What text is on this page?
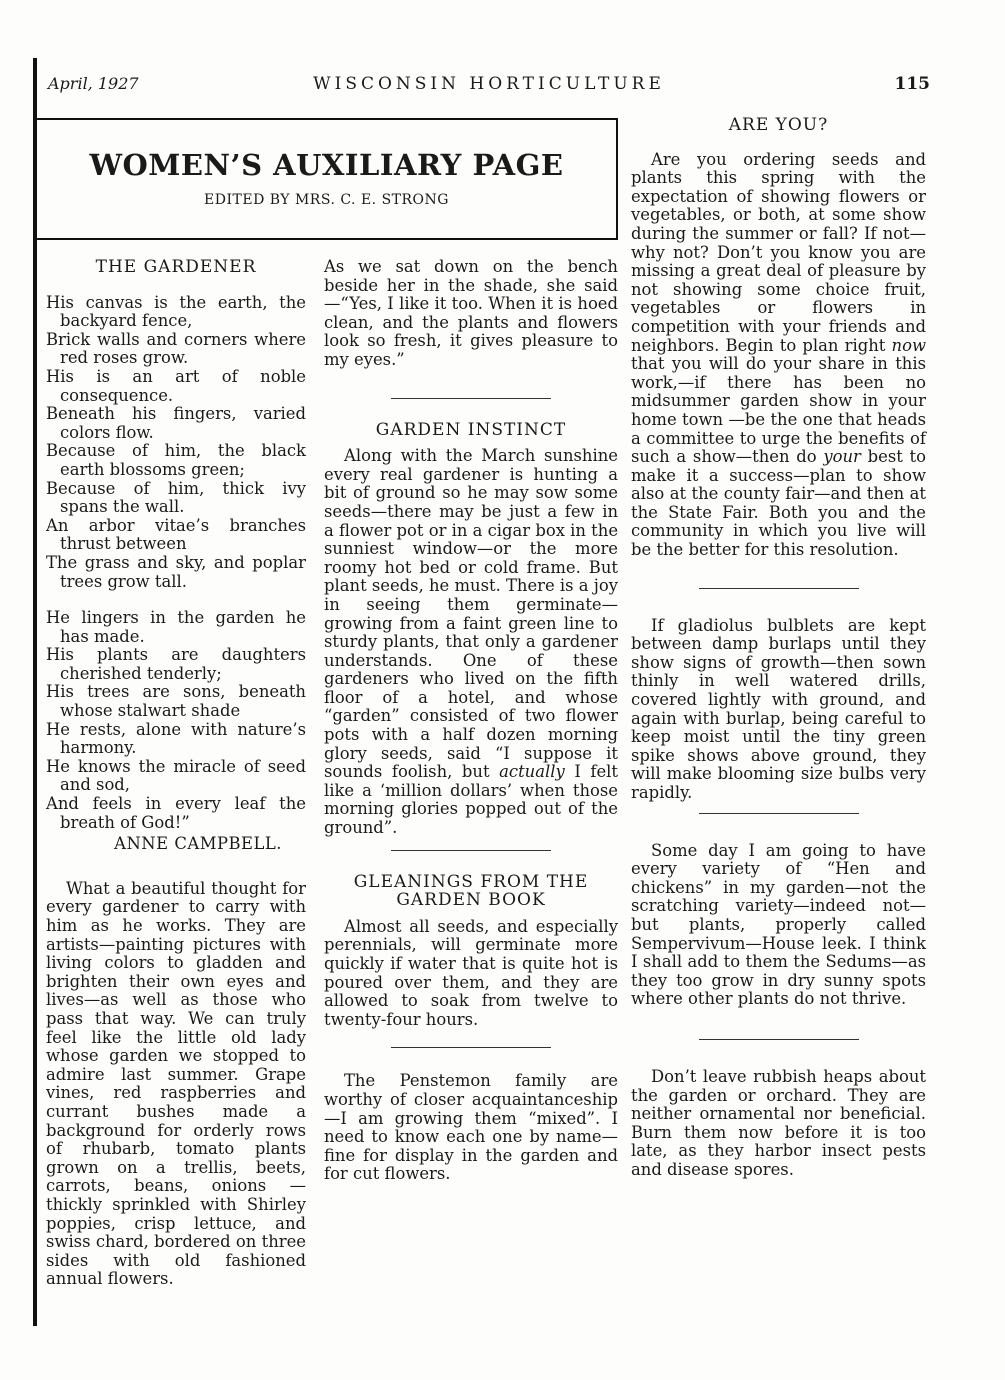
April, 1927	WISCONSIN HORTICULTURE	115
WOMEN’S AUXILIARY PAGE
EDITED BY MRS. C. E. STRONG

THE GARDENER

His canvas is the earth, the backyard fence,

Brick walls and corners where red roses grow.

His is an art of noble consequence.

Beneath his fingers, varied colors flow.

Because of him, the black earth blossoms green;

Because of him, thick ivy spans the wall.

An arbor vitae’s branches thrust between

The grass and sky, and poplar trees grow tall.

He lingers in the garden he has made.

His plants are daughters cherished tenderly;

His trees are sons, beneath whose stalwart shade

He rests, alone with nature’s harmony.

He knows the miracle of seed and sod,

And feels in every leaf the breath of God!”

ANNE CAMPBELL.

What a beautiful thought for every gardener to carry with him as he works. They are artists—painting pictures with living colors to gladden and brighten their own eyes and lives—as well as those who pass that way. We can truly feel like the little old lady whose garden we stopped to admire last summer. Grape vines, red raspberries and currant bushes made a background for orderly rows of rhubarb, tomato plants grown on a trellis, beets, carrots, beans, onions — thickly sprinkled with Shirley poppies, crisp lettuce, and swiss chard, bordered on three sides with old fashioned annual flowers.

As we sat down on the bench beside her in the shade, she said—“Yes, I like it too. When it is hoed clean, and the plants and flowers look so fresh, it gives pleasure to my eyes.”

GARDEN INSTINCT

Along with the March sunshine every real gardener is hunting a bit of ground so he may sow some seeds—there may be just a few in a flower pot or in a cigar box in the sunniest window—or the more roomy hot bed or cold frame. But plant seeds, he must. There is a joy in seeing them germinate—growing from a faint green line to sturdy plants, that only a gardener understands. One of these gardeners who lived on the fifth floor of a hotel, and whose “garden” consisted of two flower pots with a half dozen morning glory seeds, said “I suppose it sounds foolish, but actually I felt like a ‘million dollars’ when those morning glories popped out of the ground”.

GLEANINGS FROM THE GARDEN BOOK

Almost all seeds, and especially perennials, will germinate more quickly if water that is quite hot is poured over them, and they are allowed to soak from twelve to twenty-four hours.

The Penstemon family are worthy of closer acquaintanceship—I am growing them “mixed”. I need to know each one by name—fine for display in the garden and for cut flowers.

ARE YOU?

Are you ordering seeds and plants this spring with the expectation of showing flowers or vegetables, or both, at some show during the summer or fall? If not—why not? Don’t you know you are missing a great deal of pleasure by not showing some choice fruit, vegetables or flowers in competition with your friends and neighbors. Begin to plan right now that you will do your share in this work,—if there has been no midsummer garden show in your home town —be the one that heads a committee to urge the benefits of such a show—then do your best to make it a success—plan to show also at the county fair—and then at the State Fair. Both you and the community in which you live will be the better for this resolution.

If gladiolus bulblets are kept between damp burlaps until they show signs of growth—then sown thinly in well watered drills, covered lightly with ground, and again with burlap, being careful to keep moist until the tiny green spike shows above ground, they will make blooming size bulbs very rapidly.

Some day I am going to have every variety of “Hen and chickens” in my garden—not the scratching variety—indeed not—but plants, properly called Sempervivum—House leek. I think I shall add to them the Sedums—as they too grow in dry sunny spots where other plants do not thrive.

Don’t leave rubbish heaps about the garden or orchard. They are neither ornamental nor beneficial. Burn them now before it is too late, as they harbor insect pests and disease spores.
